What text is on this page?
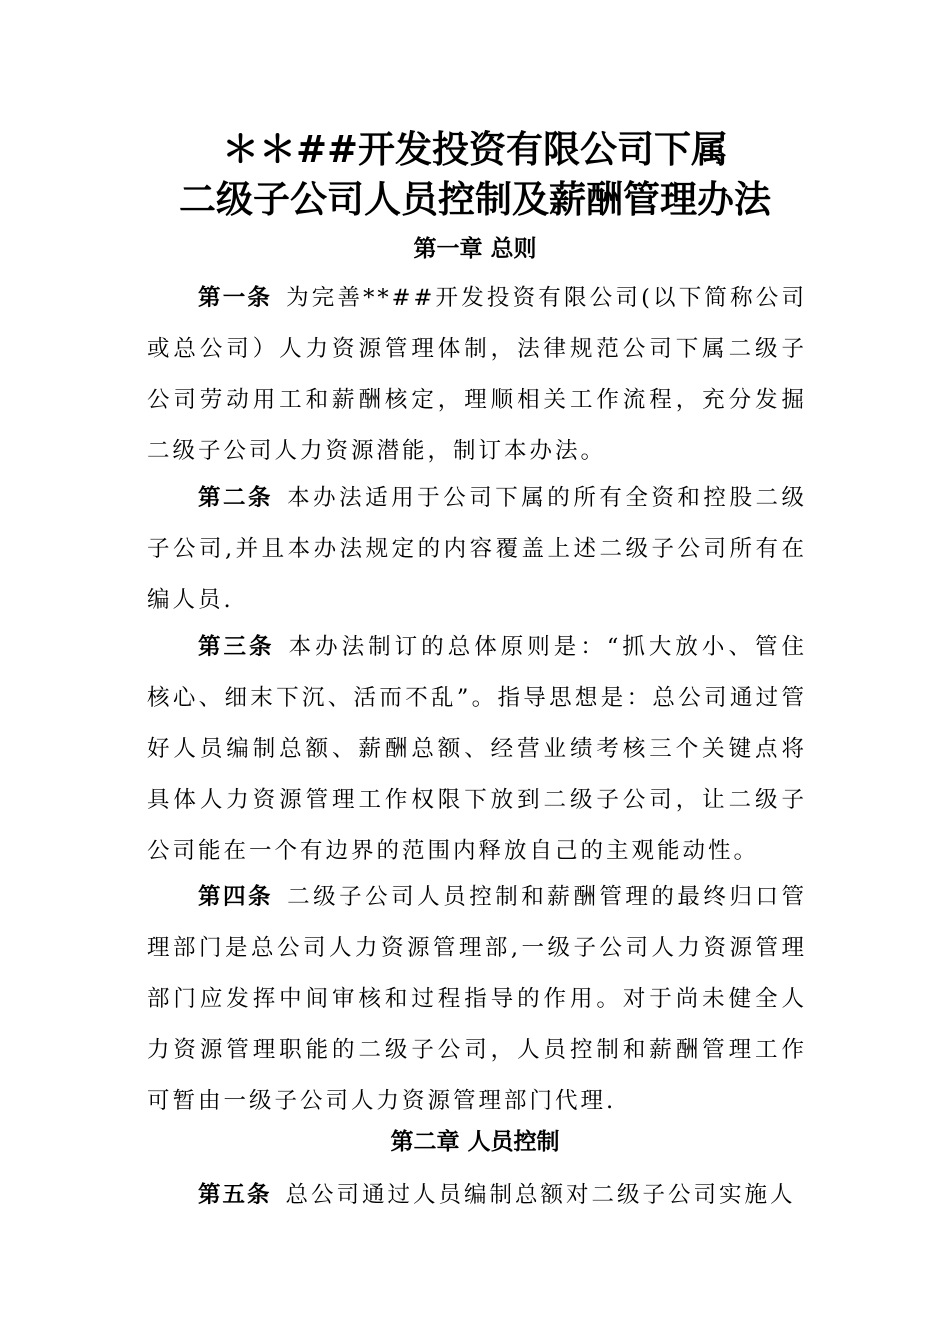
＊＊##开发投资有限公司下属
二级子公司人员控制及薪酬管理办法
第一章 总则

第一条 为完善**##开发投资有限公司(以下简称公司或总公司）人力资源管理体制，法律规范公司下属二级子公司劳动用工和薪酬核定，理顺相关工作流程，充分发掘二级子公司人力资源潜能，制订本办法。

第二条 本办法适用于公司下属的所有全资和控股二级子公司,并且本办法规定的内容覆盖上述二级子公司所有在编人员.

第三条 本办法制订的总体原则是：“抓大放小、管住核心、细末下沉、活而不乱”。指导思想是：总公司通过管好人员编制总额、薪酬总额、经营业绩考核三个关键点将具体人力资源管理工作权限下放到二级子公司，让二级子公司能在一个有边界的范围内释放自己的主观能动性。

第四条 二级子公司人员控制和薪酬管理的最终归口管理部门是总公司人力资源管理部,一级子公司人力资源管理部门应发挥中间审核和过程指导的作用。对于尚未健全人力资源管理职能的二级子公司，人员控制和薪酬管理工作可暂由一级子公司人力资源管理部门代理.

第二章 人员控制

第五条 总公司通过人员编制总额对二级子公司实施人
